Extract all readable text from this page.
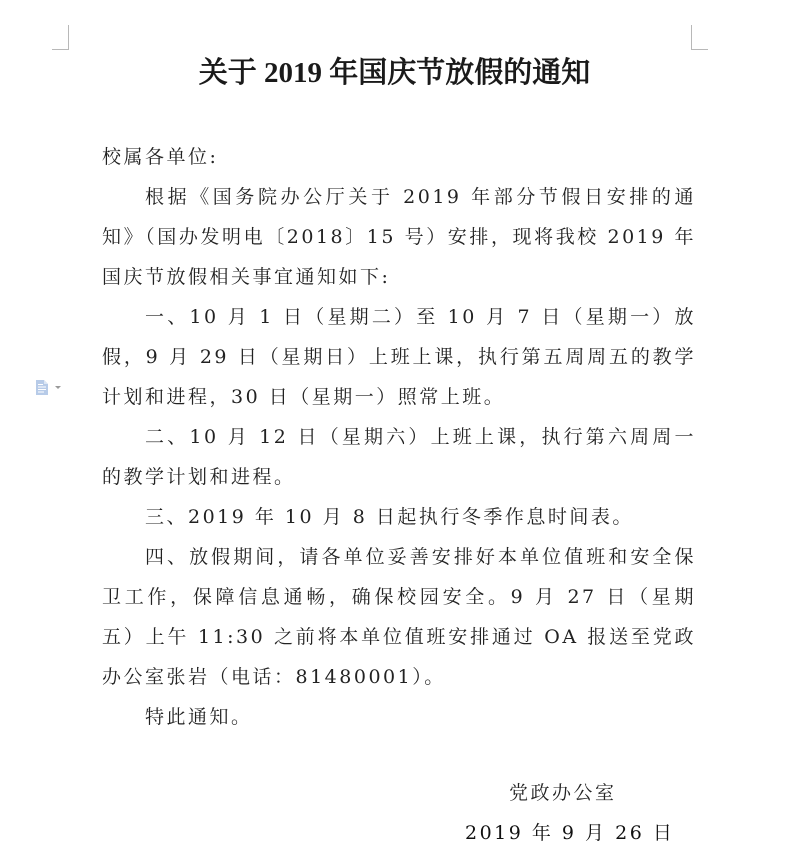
关于 2019 年国庆节放假的通知

校属各单位:

根据《国务院办公厅关于 2019 年部分节假日安排的通知》（国办发明电〔2018〕15 号）安排，现将我校 2019 年国庆节放假相关事宜通知如下:

一、10 月 1 日（星期二）至 10 月 7 日（星期一）放假，9 月 29 日（星期日）上班上课，执行第五周周五的教学计划和进程，30 日（星期一）照常上班。

二、10 月 12 日（星期六）上班上课，执行第六周周一的教学计划和进程。

三、2019 年 10 月 8 日起执行冬季作息时间表。

四、放假期间，请各单位妥善安排好本单位值班和安全保卫工作，保障信息通畅，确保校园安全。9 月 27 日（星期五）上午 11:30 之前将本单位值班安排通过 OA 报送至党政办公室张岩（电话：81480001）。

特此通知。

党政办公室
2019 年 9 月 26 日
